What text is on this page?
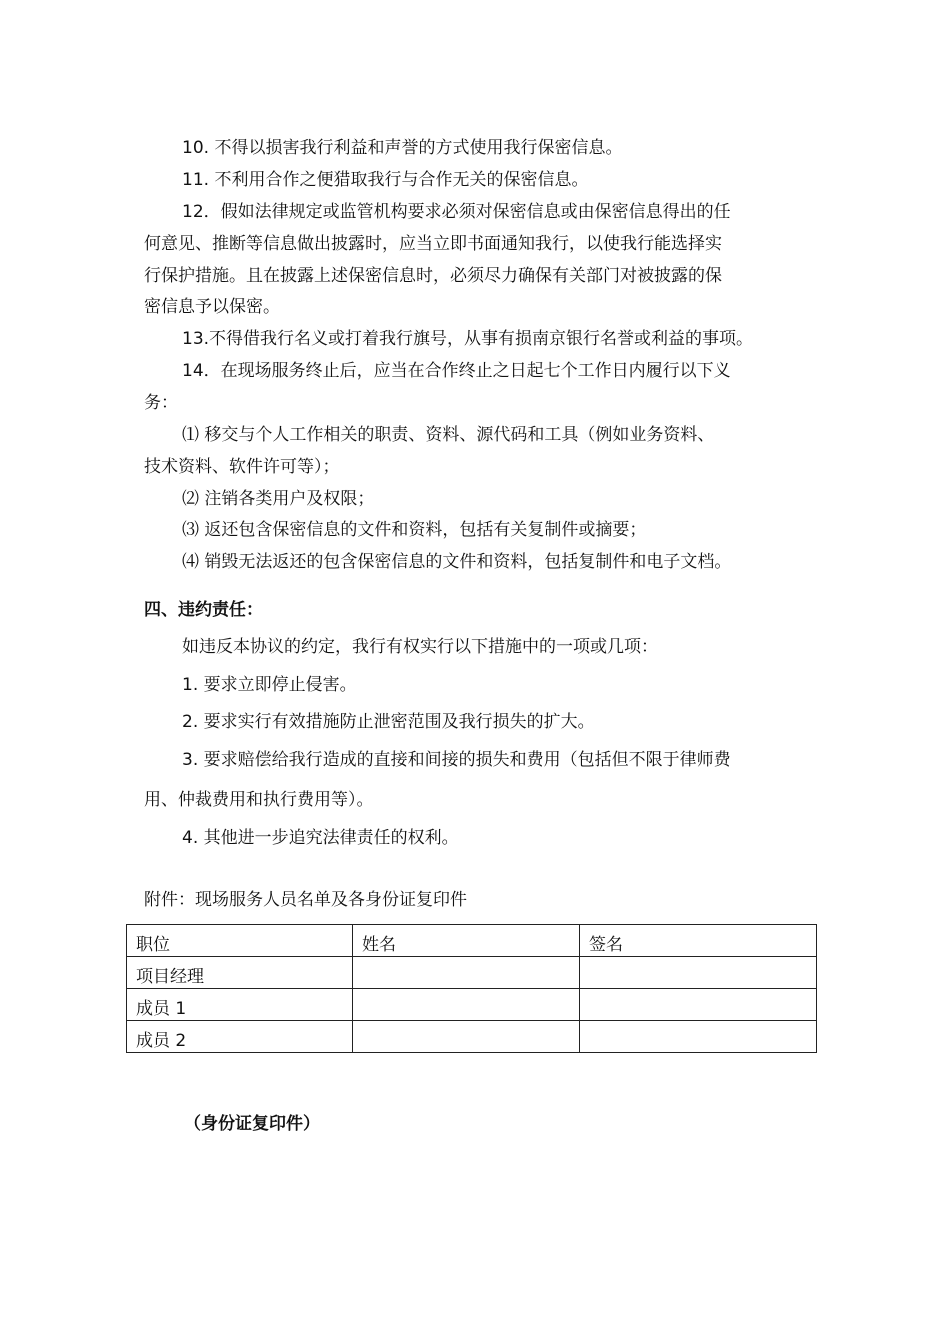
10. 不得以损害我行利益和声誉的方式使用我行保密信息。
11. 不利用合作之便猎取我行与合作无关的保密信息。
12．假如法律规定或监管机构要求必须对保密信息或由保密信息得出的任
何意见、推断等信息做出披露时，应当立即书面通知我行，以使我行能选择实
行保护措施。且在披露上述保密信息时，必须尽力确保有关部门对被披露的保
密信息予以保密。
13.不得借我行名义或打着我行旗号，从事有损南京银行名誉或利益的事项。
14．在现场服务终止后，应当在合作终止之日起七个工作日内履行以下义
务：
⑴ 移交与个人工作相关的职责、资料、源代码和工具（例如业务资料、
技术资料、软件许可等）；
⑵ 注销各类用户及权限；
⑶ 返还包含保密信息的文件和资料，包括有关复制件或摘要；
⑷ 销毁无法返还的包含保密信息的文件和资料，包括复制件和电子文档。
四、违约责任：
如违反本协议的约定，我行有权实行以下措施中的一项或几项：
1. 要求立即停止侵害。
2. 要求实行有效措施防止泄密范围及我行损失的扩大。
3. 要求赔偿给我行造成的直接和间接的损失和费用（包括但不限于律师费
用、仲裁费用和执行费用等）。
4. 其他进一步追究法律责任的权利。
附件：现场服务人员名单及各身份证复印件
职位	姓名	签名
项目经理		
成员 1		
成员 2		
（身份证复印件）
